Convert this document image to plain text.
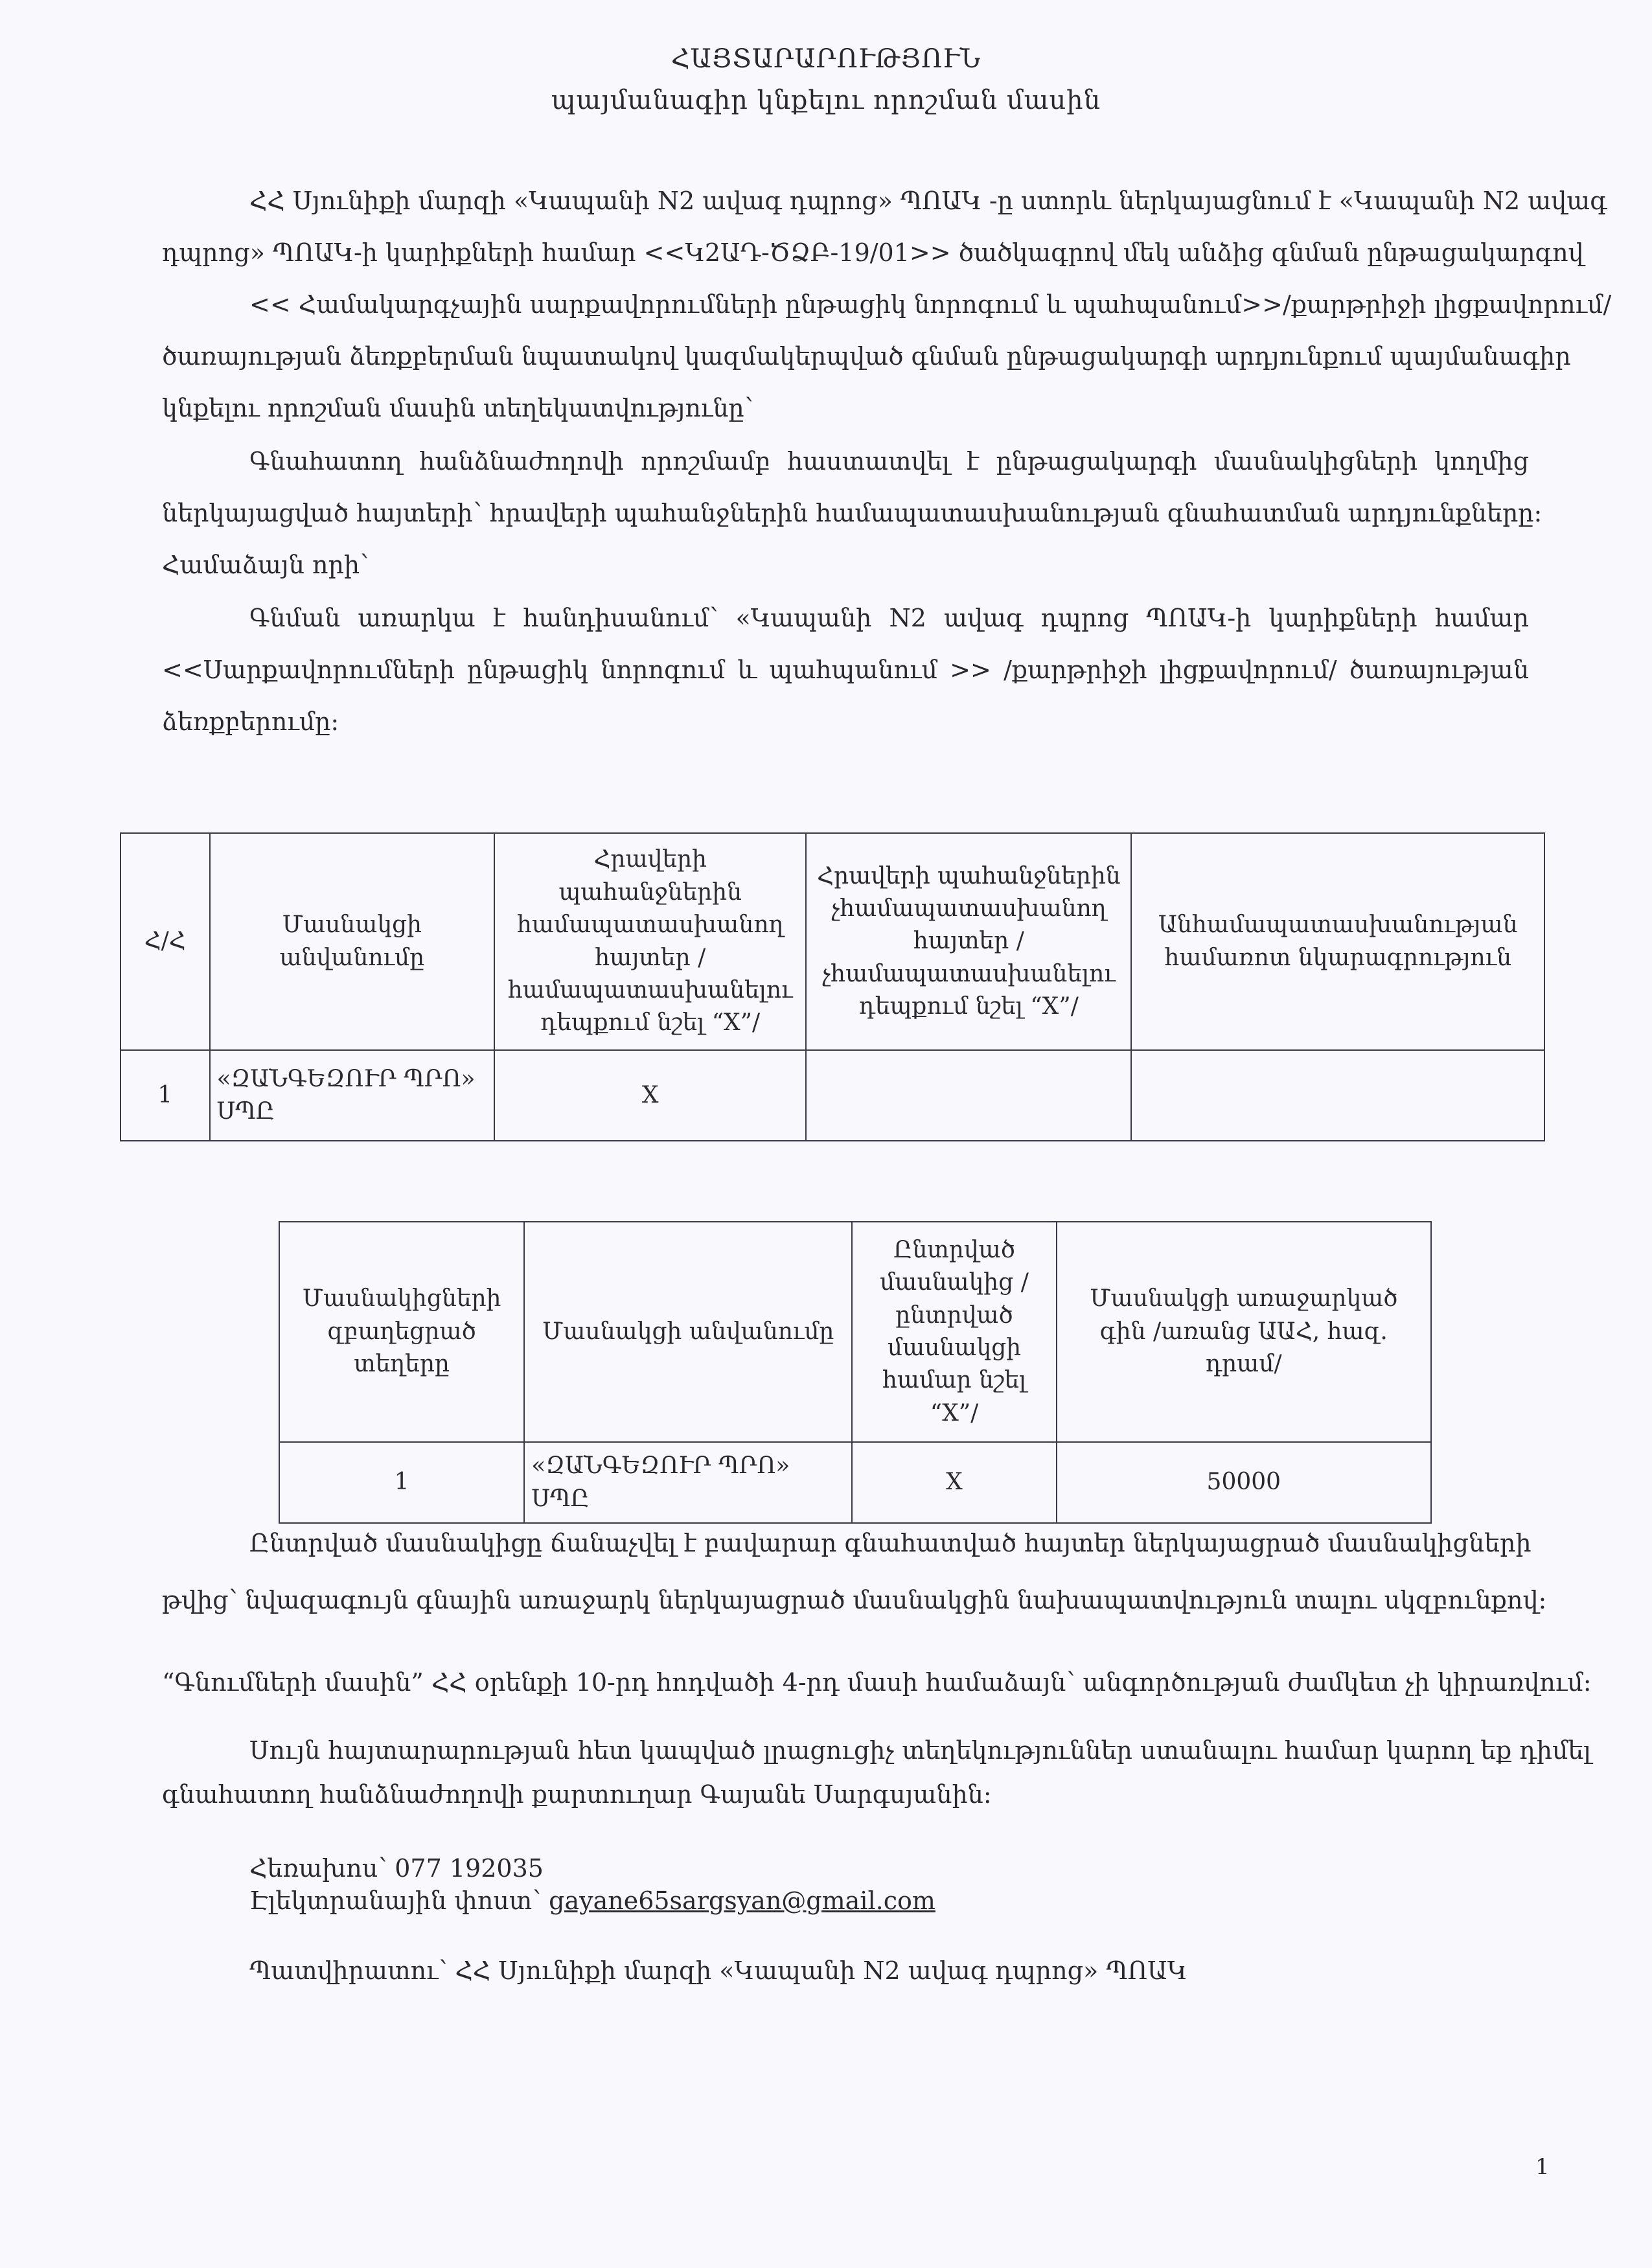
ՀԱՅՏԱՐԱՐՈՒԹՅՈՒՆ
պայմանագիր կնքելու որոշման մասին
ՀՀ Սյունիքի մարզի «Կապանի N2 ավագ դպրոց» ՊՈԱԿ -ը ստորև ներկայացնում է «Կապանի N2 ավագ
դպրոց» ՊՈԱԿ-ի կարիքների համար <<Կ2ԱԴ-ԾՁԲ-19/01>> ծածկագրով մեկ անձից գնման ընթացակարգով
<< Համակարգչային սարքավորումների ընթացիկ նորոգում և պահպանում>>/քարթրիջի լիցքավորում/
ծառայության ձեռքբերման նպատակով կազմակերպված գնման ընթացակարգի արդյունքում պայմանագիր
կնքելու որոշման մասին տեղեկատվությունը՝
Գնահատող հանձնաժողովի որոշմամբ հաստատվել է ընթացակարգի մասնակիցների կողմից
ներկայացված հայտերի՝ հրավերի պահանջներին համապատասխանության գնահատման արդյունքները:
Համաձայն որի՝
Գնման առարկա է հանդիսանում՝ «Կապանի N2 ավագ դպրոց ՊՈԱԿ-ի կարիքների համար
<<Սարքավորումների ընթացիկ նորոգում և պահպանում >> /քարթրիջի լիցքավորում/ ծառայության
ձեռքբերումը:
Հ/Հ	Մասնակցի անվանումը	Հրավերի պահանջներին համապատասխանող հայտեր /համապատասխանելու դեպքում նշել “X”/	Հրավերի պահանջներին չհամապատասխանող հայտեր /չհամապատասխանելու դեպքում նշել “X”/	Անհամապատասխանության համառոտ նկարագրություն
1	«ԶԱՆԳԵԶՈՒՐ ՊՐՈ» ՍՊԸ	X		
Մասնակիցների զբաղեցրած տեղերը	Մասնակցի անվանումը	Ընտրված մասնակից /ընտրված մասնակցի համար նշել “X”/	Մասնակցի առաջարկած գին /առանց ԱԱՀ, հազ. դրամ/
1	«ԶԱՆԳԵԶՈՒՐ ՊՐՈ» ՍՊԸ	X	50000
Ընտրված մասնակիցը ճանաչվել է բավարար գնահատված հայտեր ներկայացրած մասնակիցների
թվից՝ նվազագույն գնային առաջարկ ներկայացրած մասնակցին նախապատվություն տալու սկզբունքով:
“Գնումների մասին” ՀՀ օրենքի 10-րդ հոդվածի 4-րդ մասի համաձայն՝ անգործության ժամկետ չի կիրառվում:
Սույն հայտարարության հետ կապված լրացուցիչ տեղեկություններ ստանալու համար կարող եք դիմել
գնահատող հանձնաժողովի քարտուղար Գայանե Սարգսյանին:
Հեռախոս՝ 077 192035
Էլեկտրանային փոստ՝ gayane65sargsyan@gmail.com
Պատվիրատու՝ ՀՀ Սյունիքի մարզի «Կապանի N2 ավագ դպրոց» ՊՈԱԿ
1
